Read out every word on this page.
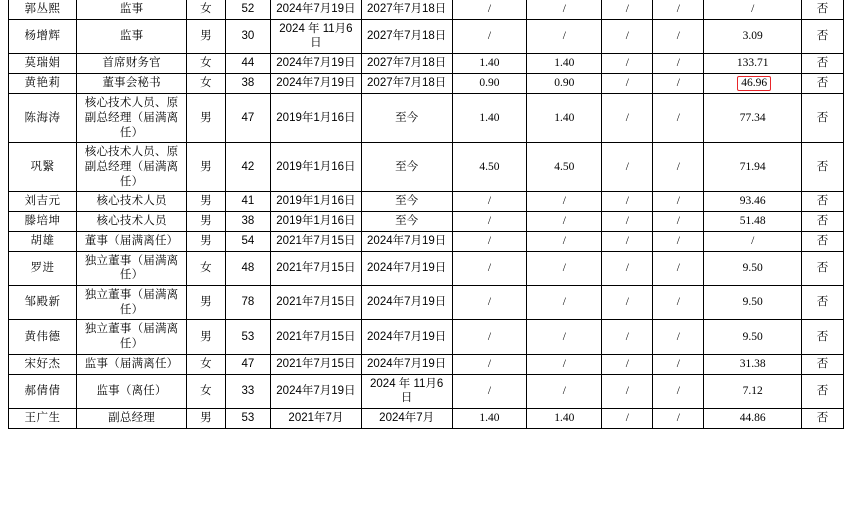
郭丛熙	监事	女	52	2024年7月19日	2027年7月18日	/	/	/	/	/	否
杨增辉	监事	男	30	2024 年 11月6日	2027年7月18日	/	/	/	/	3.09	否
莫瑞娟	首席财务官	女	44	2024年7月19日	2027年7月18日	1.40	1.40	/	/	133.71	否
黄艳莉	董事会秘书	女	38	2024年7月19日	2027年7月18日	0.90	0.90	/	/	46.96	否
陈海涛	核心技术人员、原副总经理（届满离任）	男	47	2019年1月16日	至今	1.40	1.40	/	/	77.34	否
巩繄	核心技术人员、原副总经理（届满离任）	男	42	2019年1月16日	至今	4.50	4.50	/	/	71.94	否
刘吉元	核心技术人员	男	41	2019年1月16日	至今	/	/	/	/	93.46	否
滕培坤	核心技术人员	男	38	2019年1月16日	至今	/	/	/	/	51.48	否
胡雄	董事（届满离任）	男	54	2021年7月15日	2024年7月19日	/	/	/	/	/	否
罗进	独立董事（届满离任）	女	48	2021年7月15日	2024年7月19日	/	/	/	/	9.50	否
邹殿新	独立董事（届满离任）	男	78	2021年7月15日	2024年7月19日	/	/	/	/	9.50	否
黄伟德	独立董事（届满离任）	男	53	2021年7月15日	2024年7月19日	/	/	/	/	9.50	否
宋好杰	监事（届满离任）	女	47	2021年7月15日	2024年7月19日	/	/	/	/	31.38	否
郝倩倩	监事（离任）	女	33	2024年7月19日	2024 年 11月6日	/	/	/	/	7.12	否
王广生	副总经理	男	53	2021年7月	2024年7月	1.40	1.40	/	/	44.86	否
